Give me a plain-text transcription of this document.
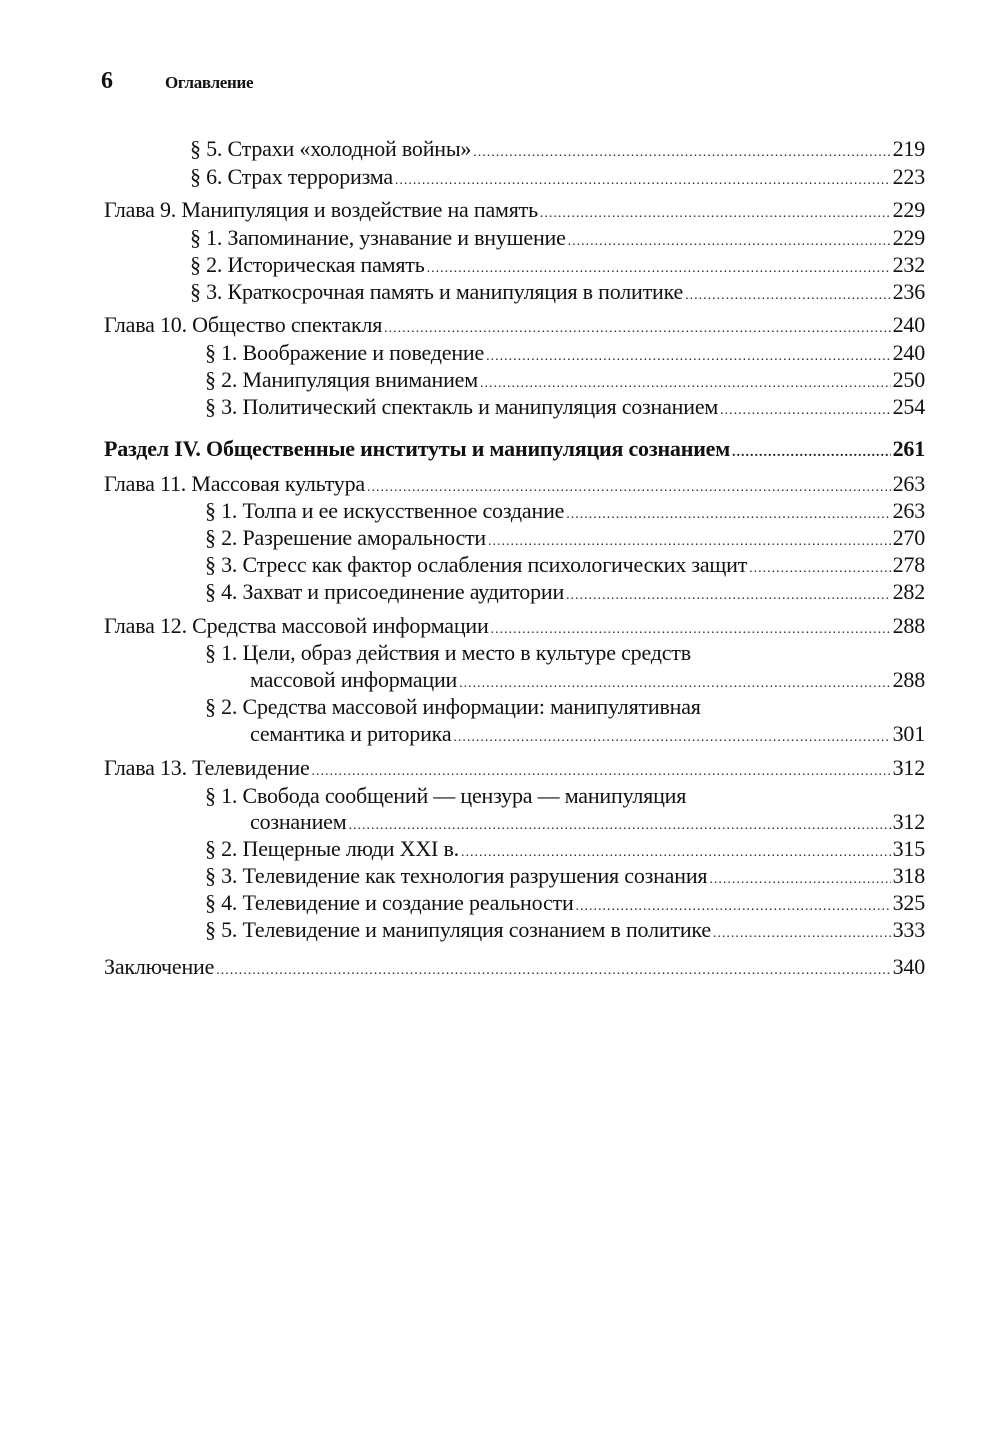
6	Оглавление
§ 5. Страхи «холодной войны» .....	219
§ 6. Страх терроризма .....	223
Глава 9. Манипуляция и воздействие на память .....	229
§ 1. Запоминание, узнавание и внушение .....	229
§ 2. Историческая память .....	232
§ 3. Краткосрочная память и манипуляция в политике .....	236
Глава 10. Общество спектакля .....	240
§ 1. Воображение и поведение .....	240
§ 2. Манипуляция вниманием .....	250
§ 3. Политический спектакль и манипуляция сознанием .....	254
Раздел IV. Общественные институты и манипуляция сознанием .....	261
Глава 11. Массовая культура .....	263
§ 1. Толпа и ее искусственное создание .....	263
§ 2. Разрешение аморальности .....	270
§ 3. Стресс как фактор ослабления психологических защит .....	278
§ 4. Захват и присоединение аудитории .....	282
Глава 12. Средства массовой информации .....	288
§ 1. Цели, образ действия и место в культуре средств
массовой информации .....	288
§ 2. Средства массовой информации: манипулятивная
семантика и риторика .....	301
Глава 13. Телевидение .....	312
§ 1. Свобода сообщений — цензура — манипуляция
сознанием .....	312
§ 2. Пещерные люди XXI в. .....	315
§ 3. Телевидение как технология разрушения сознания .....	318
§ 4. Телевидение и создание реальности .....	325
§ 5. Телевидение и манипуляция сознанием в политике .....	333
Заключение .....	340
